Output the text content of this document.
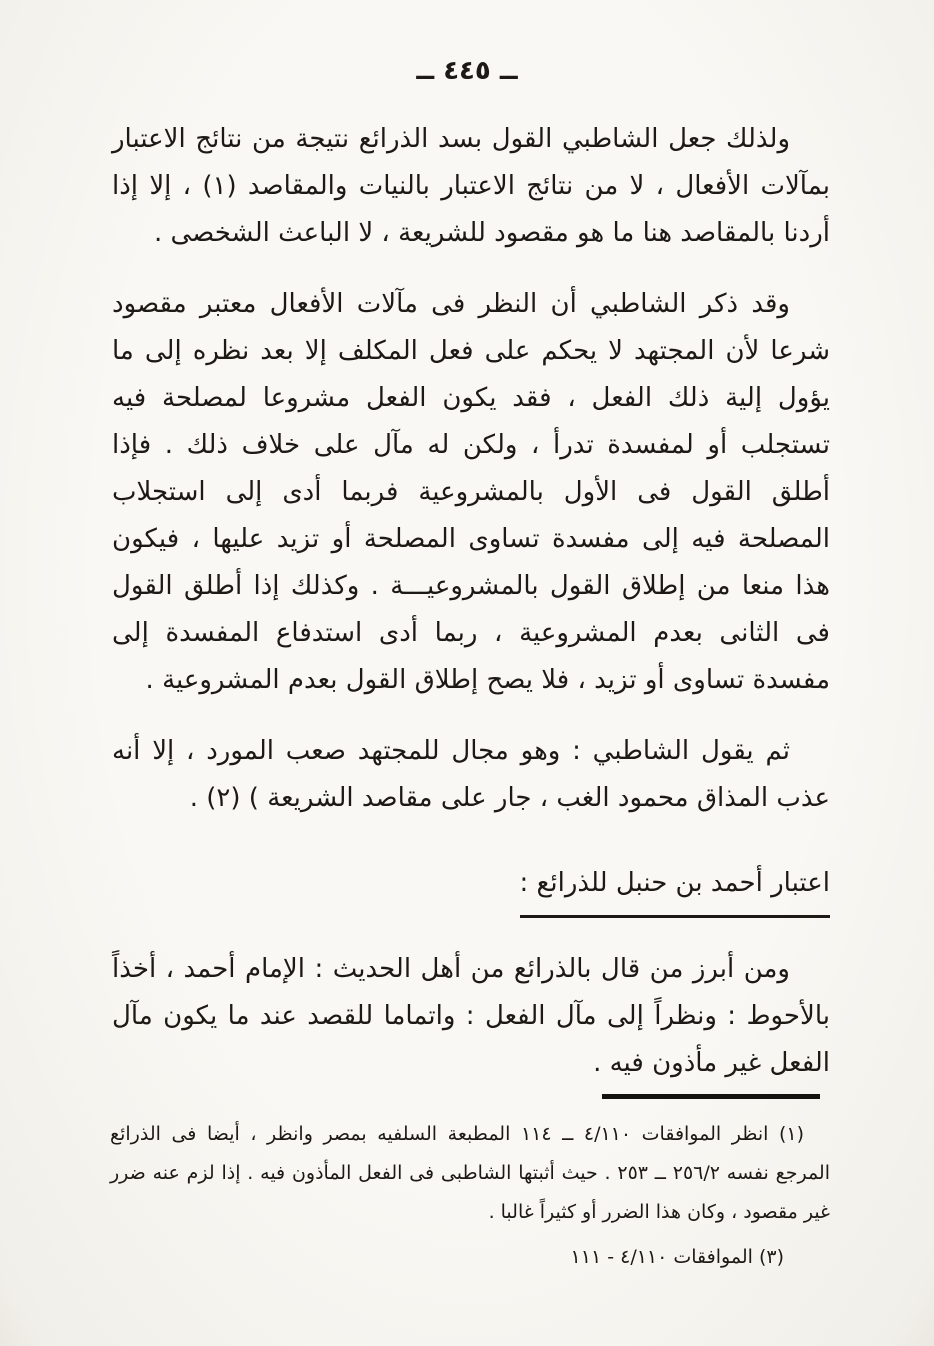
ــ ٤٤٥ ــ

ولذلك جعل الشاطبي القول بسد الذرائع نتيجة من نتائج الاعتبار بمآلات الأفعال ، لا من نتائج الاعتبار بالنيات والمقاصد (١) ، إلا إذا أردنا بالمقاصد هنا ما هو مقصود للشريعة ، لا الباعث الشخصى .

وقد ذكر الشاطبي أن النظر فى مآلات الأفعال معتبر مقصود شرعا لأن المجتهد لا يحكم على فعل المكلف إلا بعد نظره إلى ما يؤول إلية ذلك الفعل ، فقد يكون الفعل مشروعا لمصلحة فيه تستجلب أو لمفسدة تدرأ ، ولكن له مآل على خلاف ذلك . فإذا أطلق القول فى الأول بالمشروعية فربما أدى إلى استجلاب المصلحة فيه إلى مفسدة تساوى المصلحة أو تزيد عليها ، فيكون هذا منعا من إطلاق القول بالمشروعيـــة . وكذلك إذا أطلق القول فى الثانى بعدم المشروعية ، ربما أدى استدفاع المفسدة إلى مفسدة تساوى أو تزيد ، فلا يصح إطلاق القول بعدم المشروعية .

ثم يقول الشاطبي : وهو مجال للمجتهد صعب المورد ، إلا أنه عذب المذاق محمود الغب ، جار على مقاصد الشريعة ) (٢) .

اعتبار أحمد بن حنبل للذرائع :

ومن أبرز من قال بالذرائع من أهل الحديث : الإمام أحمد ، أخذاً بالأحوط : ونظراً إلى مآل الفعل : واتماما للقصد عند ما يكون مآل الفعل غير مأذون فيه .

(١) انظر الموافقات ٤/١١٠ ــ ١١٤ المطبعة السلفيه بمصر وانظر ، أيضا فى الذرائع المرجع نفسه ٢٥٦/٢ ــ ٢٥٣ . حيث أثبتها الشاطبى فى الفعل المأذون فيه . إذا لزم عنه ضرر غير مقصود ، وكان هذا الضرر أو كثيراً غالبا .

(٣) الموافقات ٤/١١٠ - ١١١
